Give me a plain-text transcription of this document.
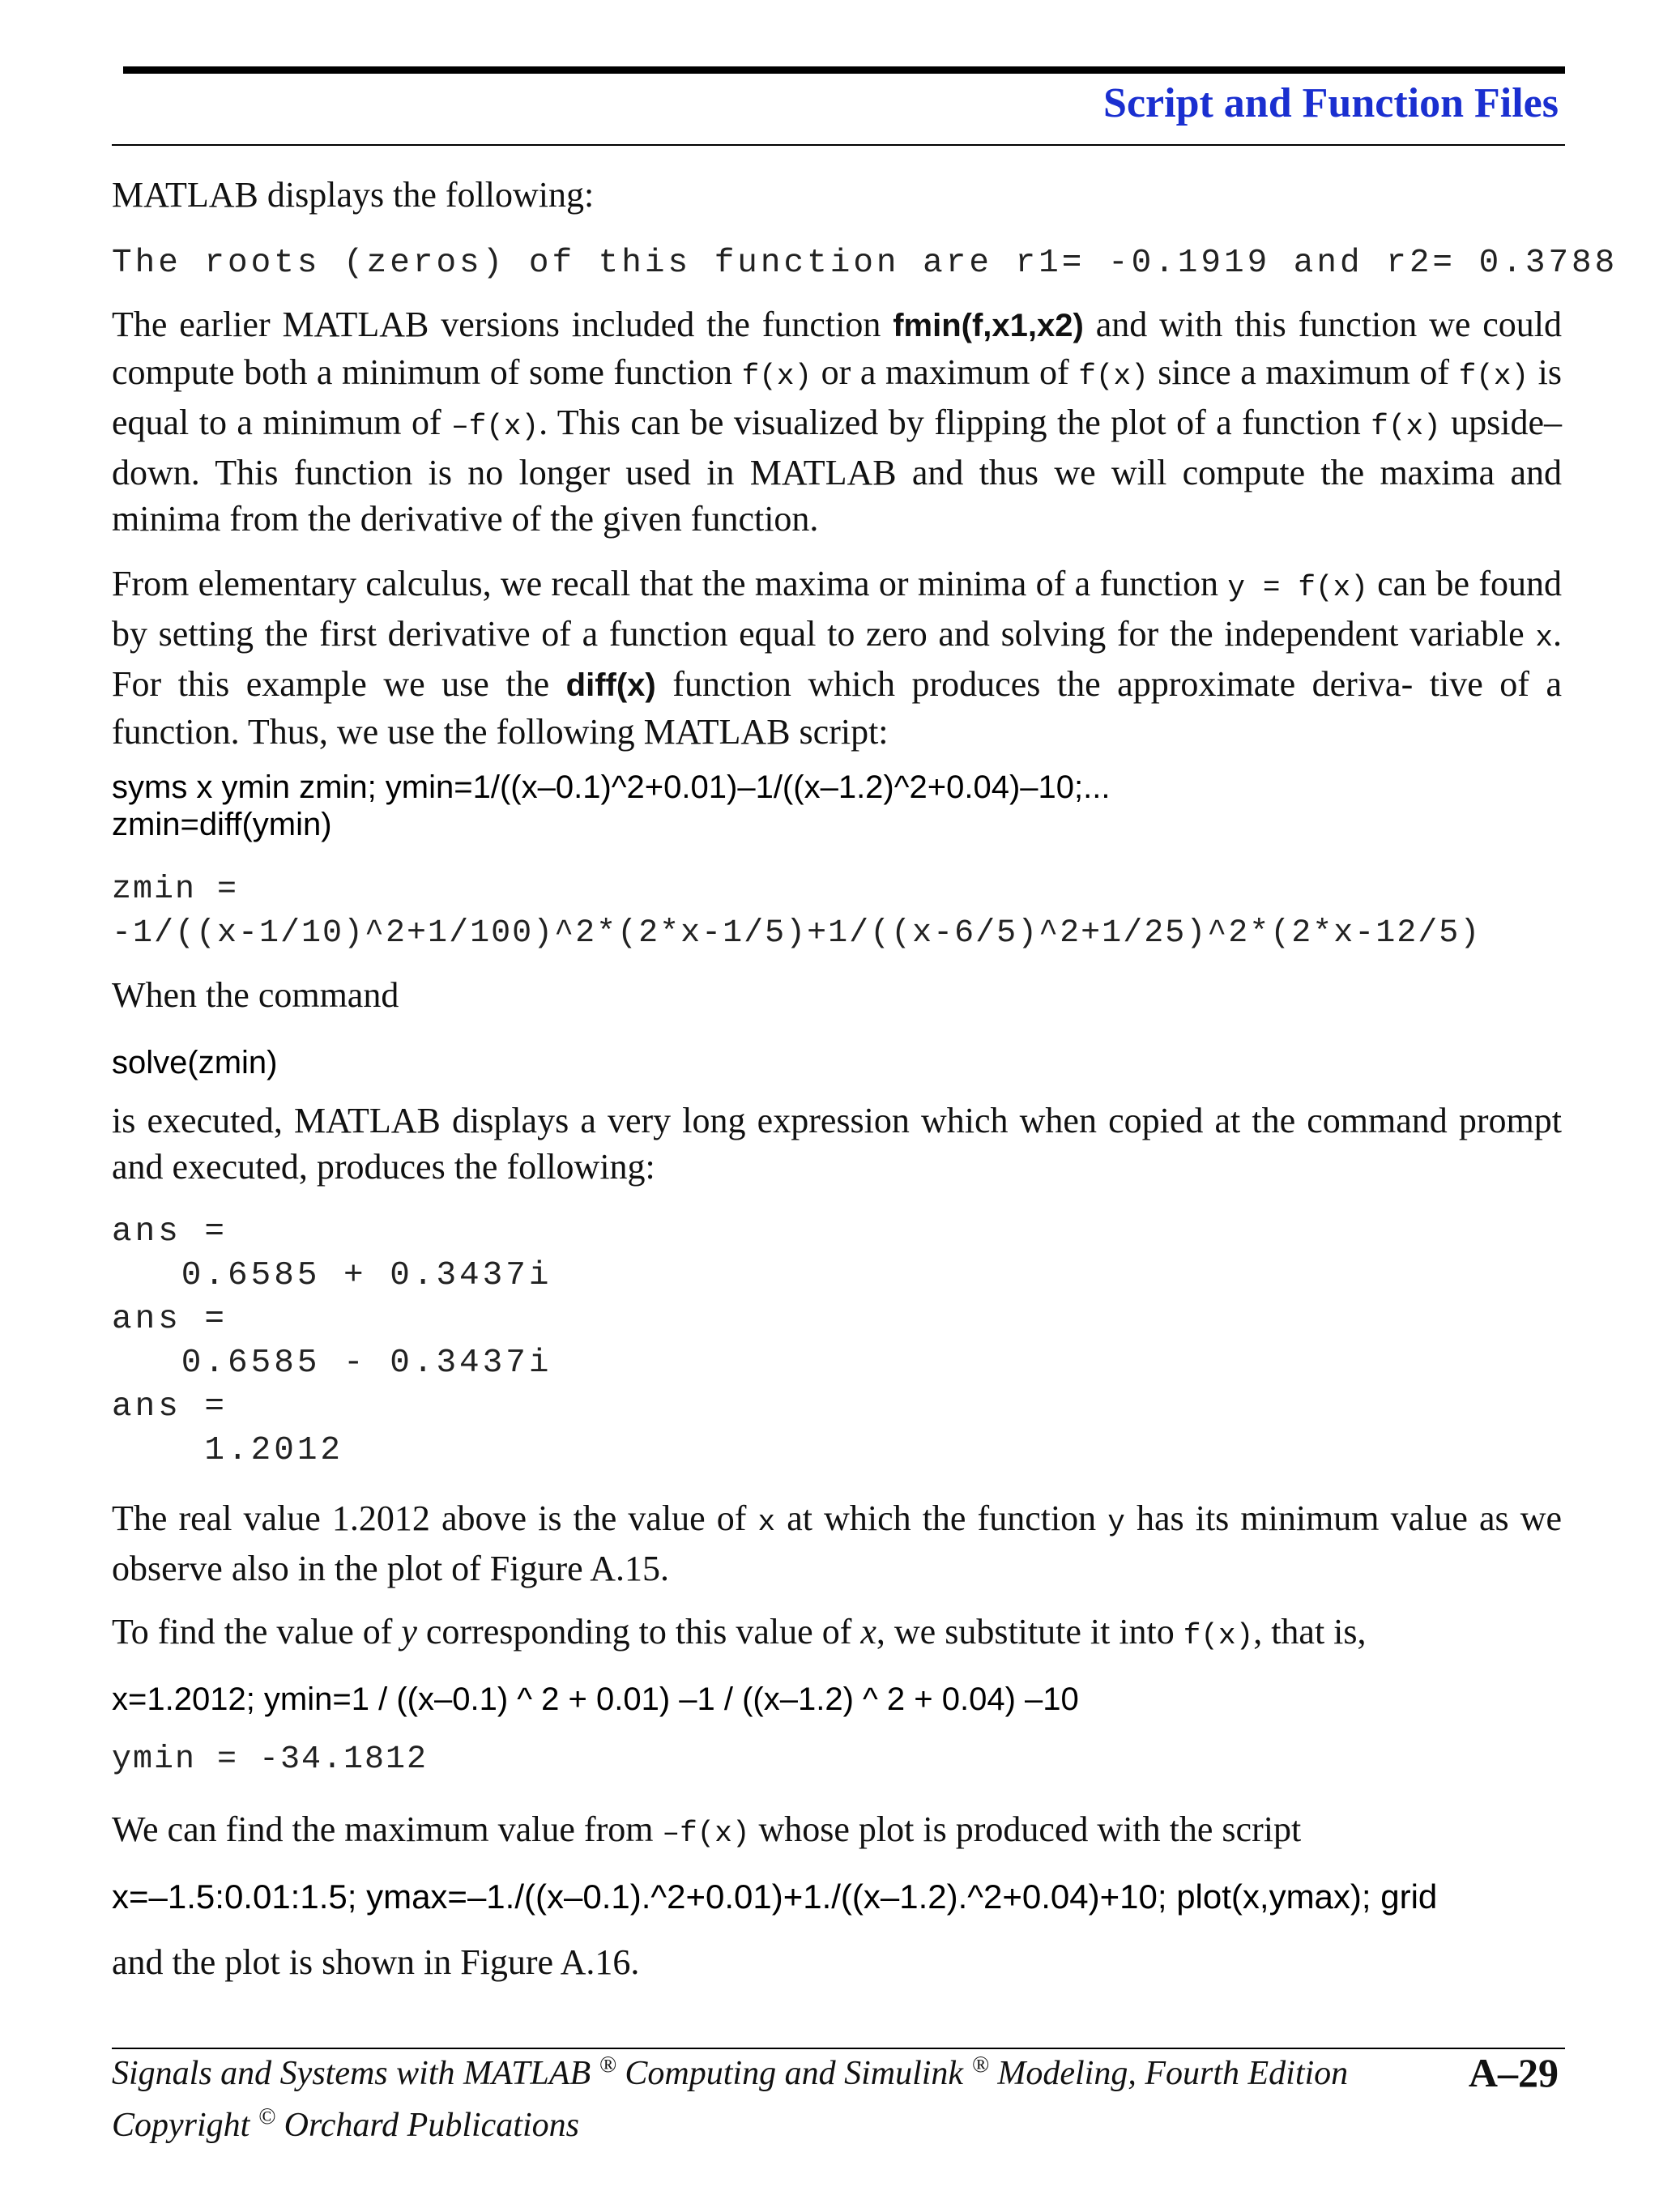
Script and Function Files
MATLAB displays the following:
The roots (zeros) of this function are r1= -0.1919 and r2= 0.3788
The earlier MATLAB versions included the function fmin(f,x1,x2) and with this function we could compute both a minimum of some function f(x) or a maximum of f(x) since a maximum of f(x) is equal to a minimum of –f(x). This can be visualized by flipping the plot of a function f(x) upside–down. This function is no longer used in MATLAB and thus we will compute the maxima and minima from the derivative of the given function.
From elementary calculus, we recall that the maxima or minima of a function y = f(x) can be found by setting the first derivative of a function equal to zero and solving for the independent variable x. For this example we use the diff(x) function which produces the approximate deriva- tive of a function. Thus, we use the following MATLAB script:
syms x ymin zmin; ymin=1/((x–0.1)^2+0.01)–1/((x–1.2)^2+0.04)–10;...
zmin=diff(ymin)
zmin =
-1/((x-1/10)^2+1/100)^2*(2*x-1/5)+1/((x-6/5)^2+1/25)^2*(2*x-12/5)
When the command
solve(zmin)
is executed, MATLAB displays a very long expression which when copied at the command prompt and executed, produces the following:
ans =
0.6585 + 0.3437i
ans =
0.6585 - 0.3437i
ans =
1.2012
The real value 1.2012 above is the value of x at which the function y has its minimum value as we observe also in the plot of Figure A.15.
To find the value of y corresponding to this value of x, we substitute it into f(x), that is,
x=1.2012; ymin=1 / ((x–0.1) ^ 2 + 0.01) –1 / ((x–1.2) ^ 2 + 0.04) –10
ymin = -34.1812
We can find the maximum value from –f(x) whose plot is produced with the script
x=–1.5:0.01:1.5; ymax=–1./((x–0.1).^2+0.01)+1./((x–1.2).^2+0.04)+10; plot(x,ymax); grid
and the plot is shown in Figure A.16.
Signals and Systems with MATLAB ® Computing and Simulink ® Modeling, Fourth Edition
Copyright © Orchard Publications
A–29
